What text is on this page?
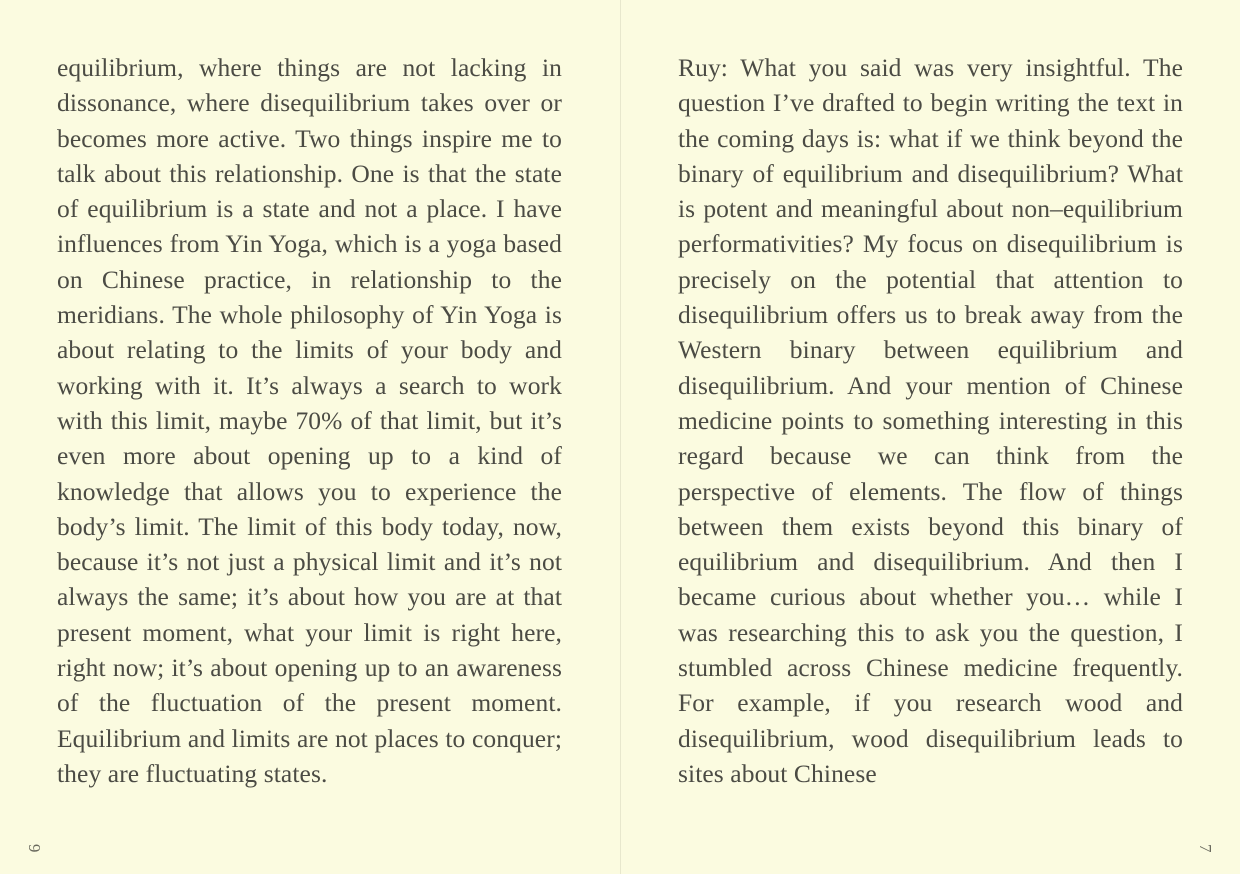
equilibrium, where things are not lacking in dissonance, where disequilibrium takes over or becomes more active. Two things inspire me to talk about this relationship. One is that the state of equilibrium is a state and not a place. I have influences from Yin Yoga, which is a yoga based on Chinese practice, in relationship to the meridians. The whole philosophy of Yin Yoga is about relating to the limits of your body and working with it. It’s always a search to work with this limit, maybe 70% of that limit, but it’s even more about opening up to a kind of knowledge that allows you to experience the body’s limit. The limit of this body today, now, because it’s not just a physical limit and it’s not always the same; it’s about how you are at that present moment, what your limit is right here, right now; it’s about opening up to an awareness of the fluctuation of the present moment. Equilibrium and limits are not places to conquer; they are fluctuating states.

6

Ruy: What you said was very insightful. The question I’ve drafted to begin writing the text in the coming days is: what if we think beyond the binary of equilibrium and disequilibrium? What is potent and meaningful about non–equilibrium performativities? My focus on disequilibrium is precisely on the potential that attention to disequilibrium offers us to break away from the Western binary between equilibrium and disequilibrium. And your mention of Chinese medicine points to something interesting in this regard because we can think from the perspective of elements. The flow of things between them exists beyond this binary of equilibrium and disequilibrium. And then I became curious about whether you… while I was researching this to ask you the question, I stumbled across Chinese medicine frequently. For example, if you research wood and disequilibrium, wood disequilibrium leads to sites about Chinese

7
